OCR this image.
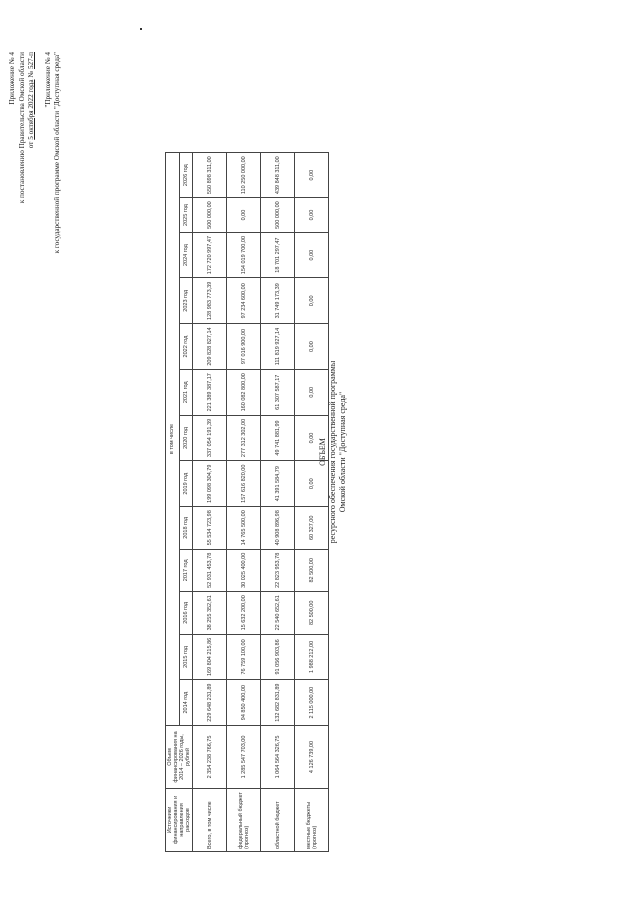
Приложение № 4 к постановлению Правительства Омской области от 5 октября 2022 года № 527-п "Приложение № 4 к государственной программе Омской области "Доступная среда"
Источники финансирования и направления расходов	Объем финансирования на 2014 – 2026 годы, рублей	в том числе												
		2014 год	2015 год	2016 год	2017 год	2018 год	2019 год	2020 год	2021 год	2022 год	2023 год	2024 год	2025 год	2026 год
Всего, в том числе	2 354 238 766,75	229 648 231,89	169 804 215,86	38 255 352,61	52 931 453,78	55 534 723,98	199 098 304,79	337 054 191,39	221 389 387,17	209 828 827,14	128 983 773,39	172 720 997,47	500 000,00	550 898 311,00
федеральный бюджет (прогноз)	1 285 547 703,00	94 850 400,00	76 759 100,00	15 632 200,00	30 025 400,00	14 765 500,00	157 616 820,00	277 312 302,00	160 082 800,00	97 016 900,00	97 234 600,00	154 019 700,00	0,00	110 250 000,00
областной бюджет	1 064 564 326,75	132 682 831,89	91 056 903,86	22 540 652,61	22 823 953,78	40 908 896,98	41 391 584,79	49 741 881,99	61 307 587,17	111 819 927,14	31 749 173,39	18 701 297,47	500 000,00	439 848 311,00
местные бюджеты (прогноз)	4 126 739,00	2 115 000,00	1 988 212,00	82 500,00	82 500,00	60 327,00	0,00	0,00	0,00	0,00	0,00	0,00	0,00	0,00
ОБЪЕМ ресурсного обеспечения государственной программы Омской области "Доступная среда"
